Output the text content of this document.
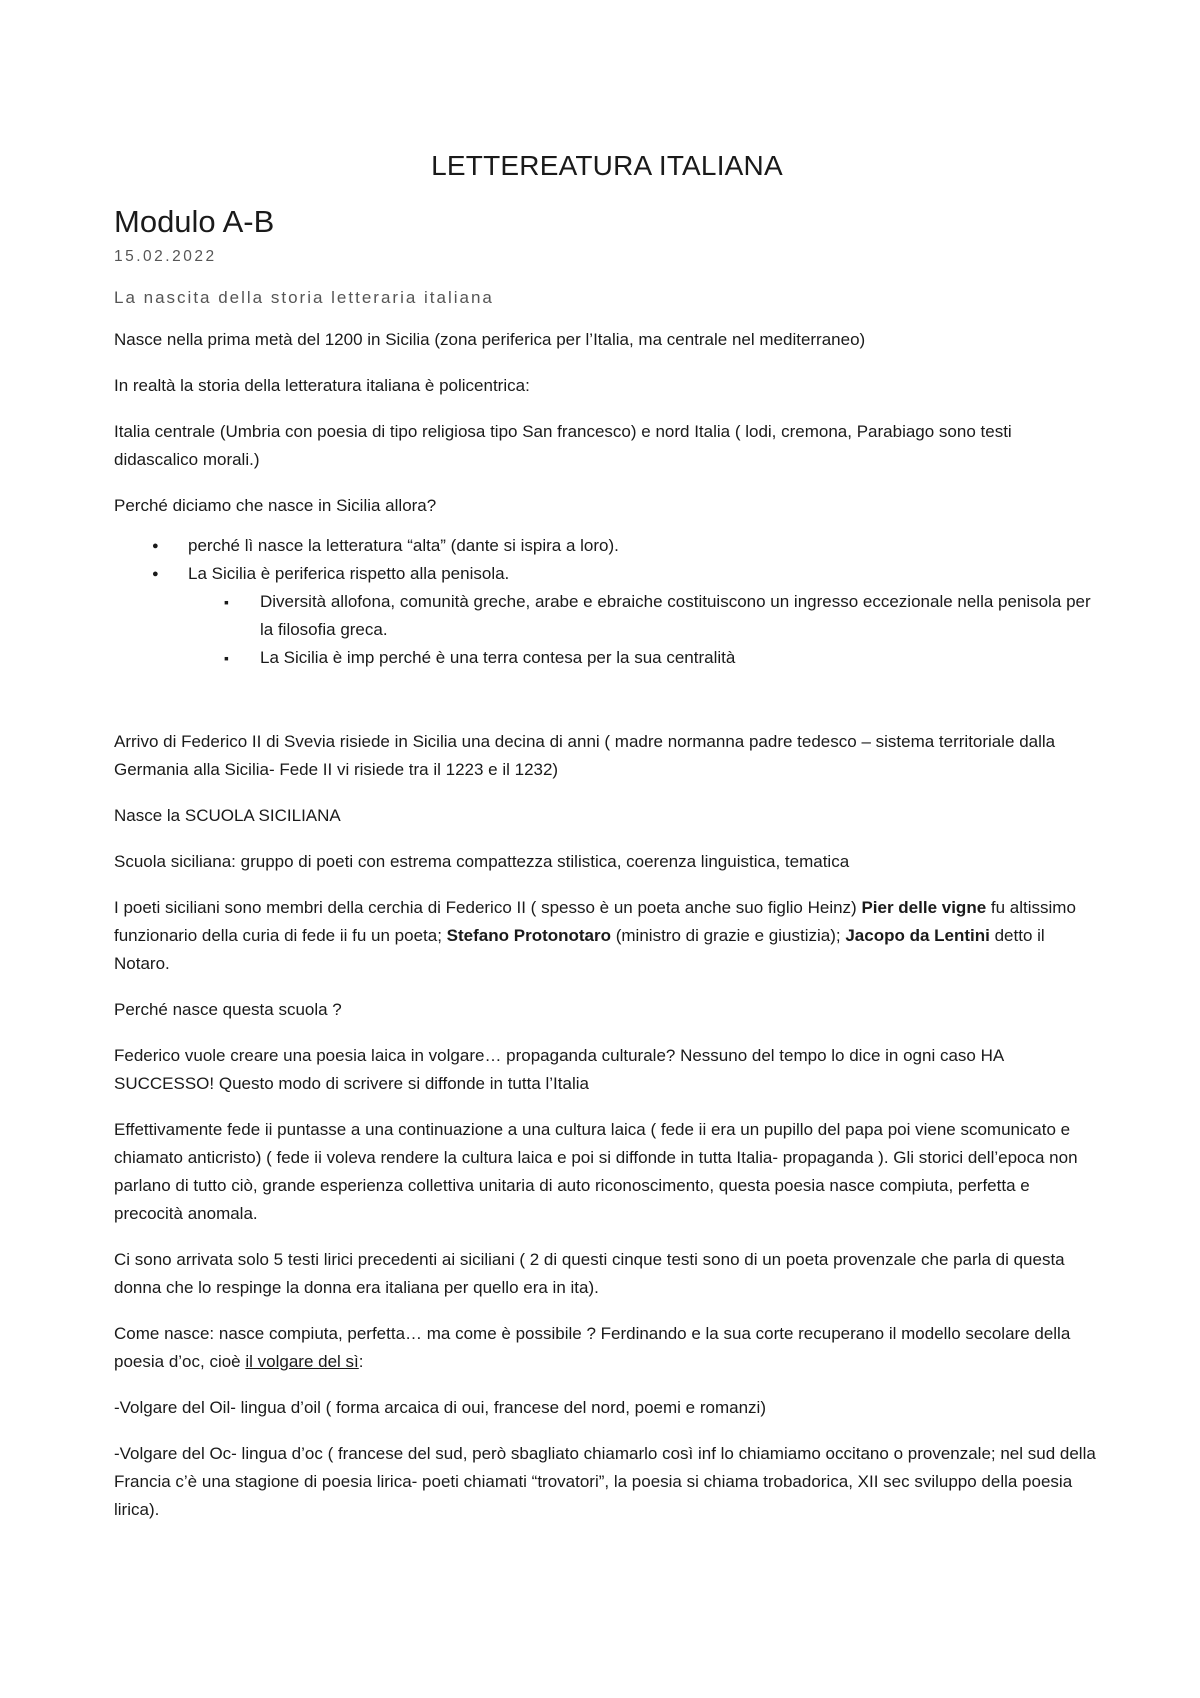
LETTEREATURA ITALIANA
Modulo A-B
15.02.2022
La nascita della storia letteraria italiana

Nasce nella prima metà del 1200 in Sicilia (zona periferica per l’Italia, ma centrale nel mediterraneo)

In realtà la storia della letteratura italiana è policentrica:

Italia centrale (Umbria con poesia di tipo religiosa tipo San francesco) e nord Italia ( lodi, cremona, Parabiago sono testi didascalico morali.)

Perché diciamo che nasce in Sicilia allora?

● perché lì nasce la letteratura “alta” (dante si ispira a loro).
● La Sicilia è periferica rispetto alla penisola.
▪ Diversità allofona, comunità greche, arabe e ebraiche costituiscono un ingresso eccezionale nella penisola per la filosofia greca.
▪ La Sicilia è imp perché è una terra contesa per la sua centralità

Arrivo di Federico II di Svevia risiede in Sicilia una decina di anni ( madre normanna padre tedesco – sistema territoriale dalla Germania alla Sicilia- Fede II vi risiede tra il 1223 e il 1232)

Nasce la SCUOLA SICILIANA

Scuola siciliana: gruppo di poeti con estrema compattezza stilistica, coerenza linguistica, tematica

I poeti siciliani sono membri della cerchia di Federico II ( spesso è un poeta anche suo figlio Heinz) Pier delle vigne fu altissimo funzionario della curia di fede ii fu un poeta; Stefano Protonotaro (ministro di grazie e giustizia); Jacopo da Lentini detto il Notaro.

Perché nasce questa scuola ?

Federico vuole creare una poesia laica in volgare… propaganda culturale? Nessuno del tempo lo dice in ogni caso HA SUCCESSO! Questo modo di scrivere si diffonde in tutta l’Italia

Effettivamente fede ii puntasse a una continuazione a una cultura laica ( fede ii era un pupillo del papa poi viene scomunicato e chiamato anticristo) ( fede ii voleva rendere la cultura laica e poi si diffonde in tutta Italia- propaganda ). Gli storici dell’epoca non parlano di tutto ciò, grande esperienza collettiva unitaria di auto riconoscimento, questa poesia nasce compiuta, perfetta e precocità anomala.

Ci sono arrivata solo 5 testi lirici precedenti ai siciliani ( 2 di questi cinque testi sono di un poeta provenzale che parla di questa donna che lo respinge la donna era italiana per quello era in ita).

Come nasce: nasce compiuta, perfetta… ma come è possibile ? Ferdinando e la sua corte recuperano il modello secolare della poesia d’oc, cioè il volgare del sì:

-Volgare del Oil- lingua d’oil ( forma arcaica di oui, francese del nord, poemi e romanzi)

-Volgare del Oc- lingua d’oc ( francese del sud, però sbagliato chiamarlo così inf lo chiamiamo occitano o provenzale; nel sud della Francia c’è una stagione di poesia lirica- poeti chiamati “trovatori”, la poesia si chiama trobadorica, XII sec sviluppo della poesia lirica).
